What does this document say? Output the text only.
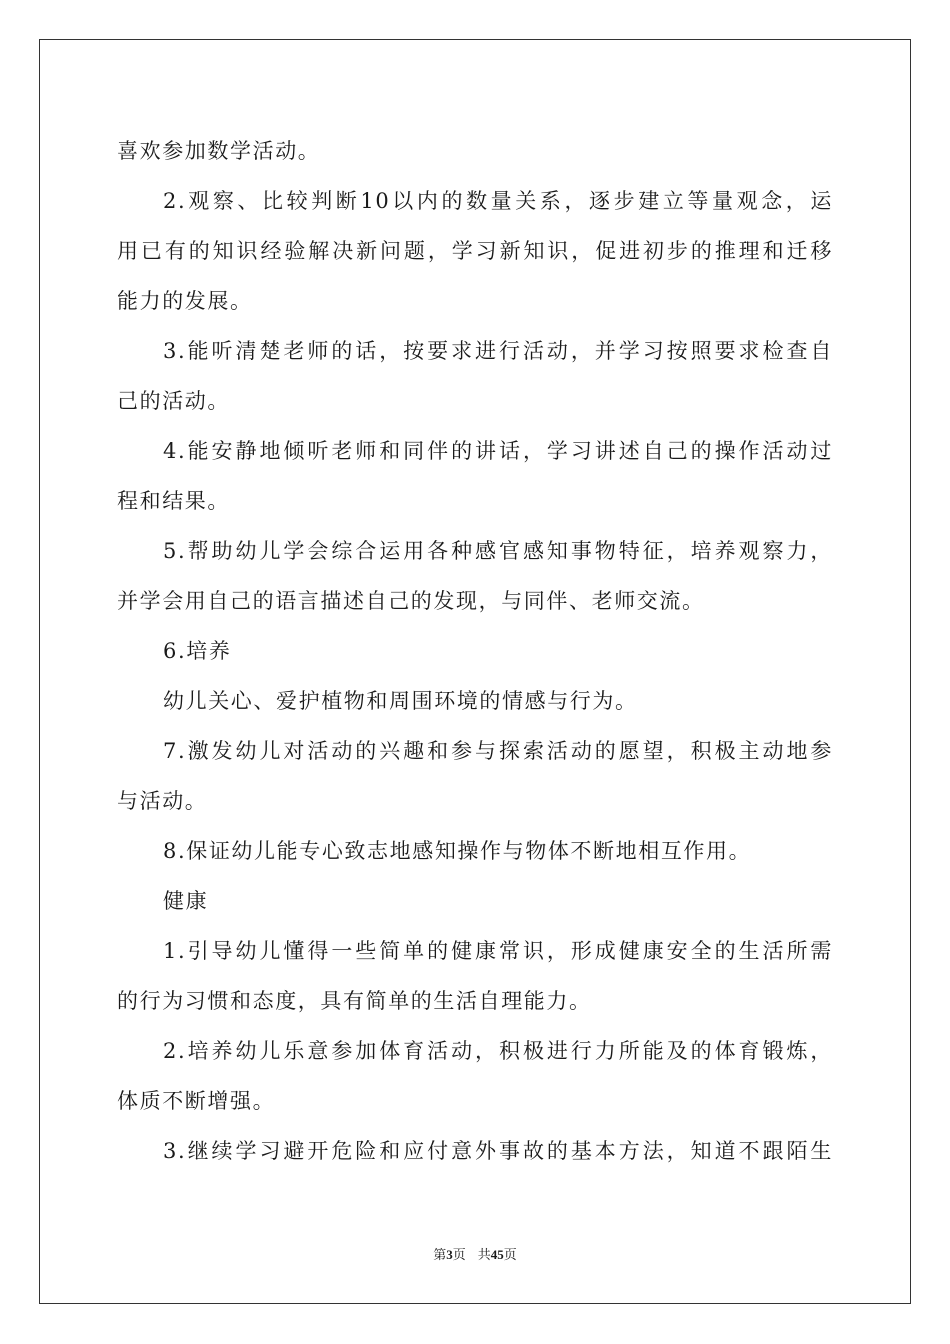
喜欢参加数学活动。
2.观察、比较判断10以内的数量关系，逐步建立等量观念，运
用已有的知识经验解决新问题，学习新知识，促进初步的推理和迁移
能力的发展。
3.能听清楚老师的话，按要求进行活动，并学习按照要求检查自
己的活动。
4.能安静地倾听老师和同伴的讲话，学习讲述自己的操作活动过
程和结果。
5.帮助幼儿学会综合运用各种感官感知事物特征，培养观察力，
并学会用自己的语言描述自己的发现，与同伴、老师交流。
6.培养
幼儿关心、爱护植物和周围环境的情感与行为。
7.激发幼儿对活动的兴趣和参与探索活动的愿望，积极主动地参
与活动。
8.保证幼儿能专心致志地感知操作与物体不断地相互作用。
健康
1.引导幼儿懂得一些简单的健康常识，形成健康安全的生活所需
的行为习惯和态度，具有简单的生活自理能力。
2.培养幼儿乐意参加体育活动，积极进行力所能及的体育锻炼，
体质不断增强。
3.继续学习避开危险和应付意外事故的基本方法，知道不跟陌生
第3页 共45页
